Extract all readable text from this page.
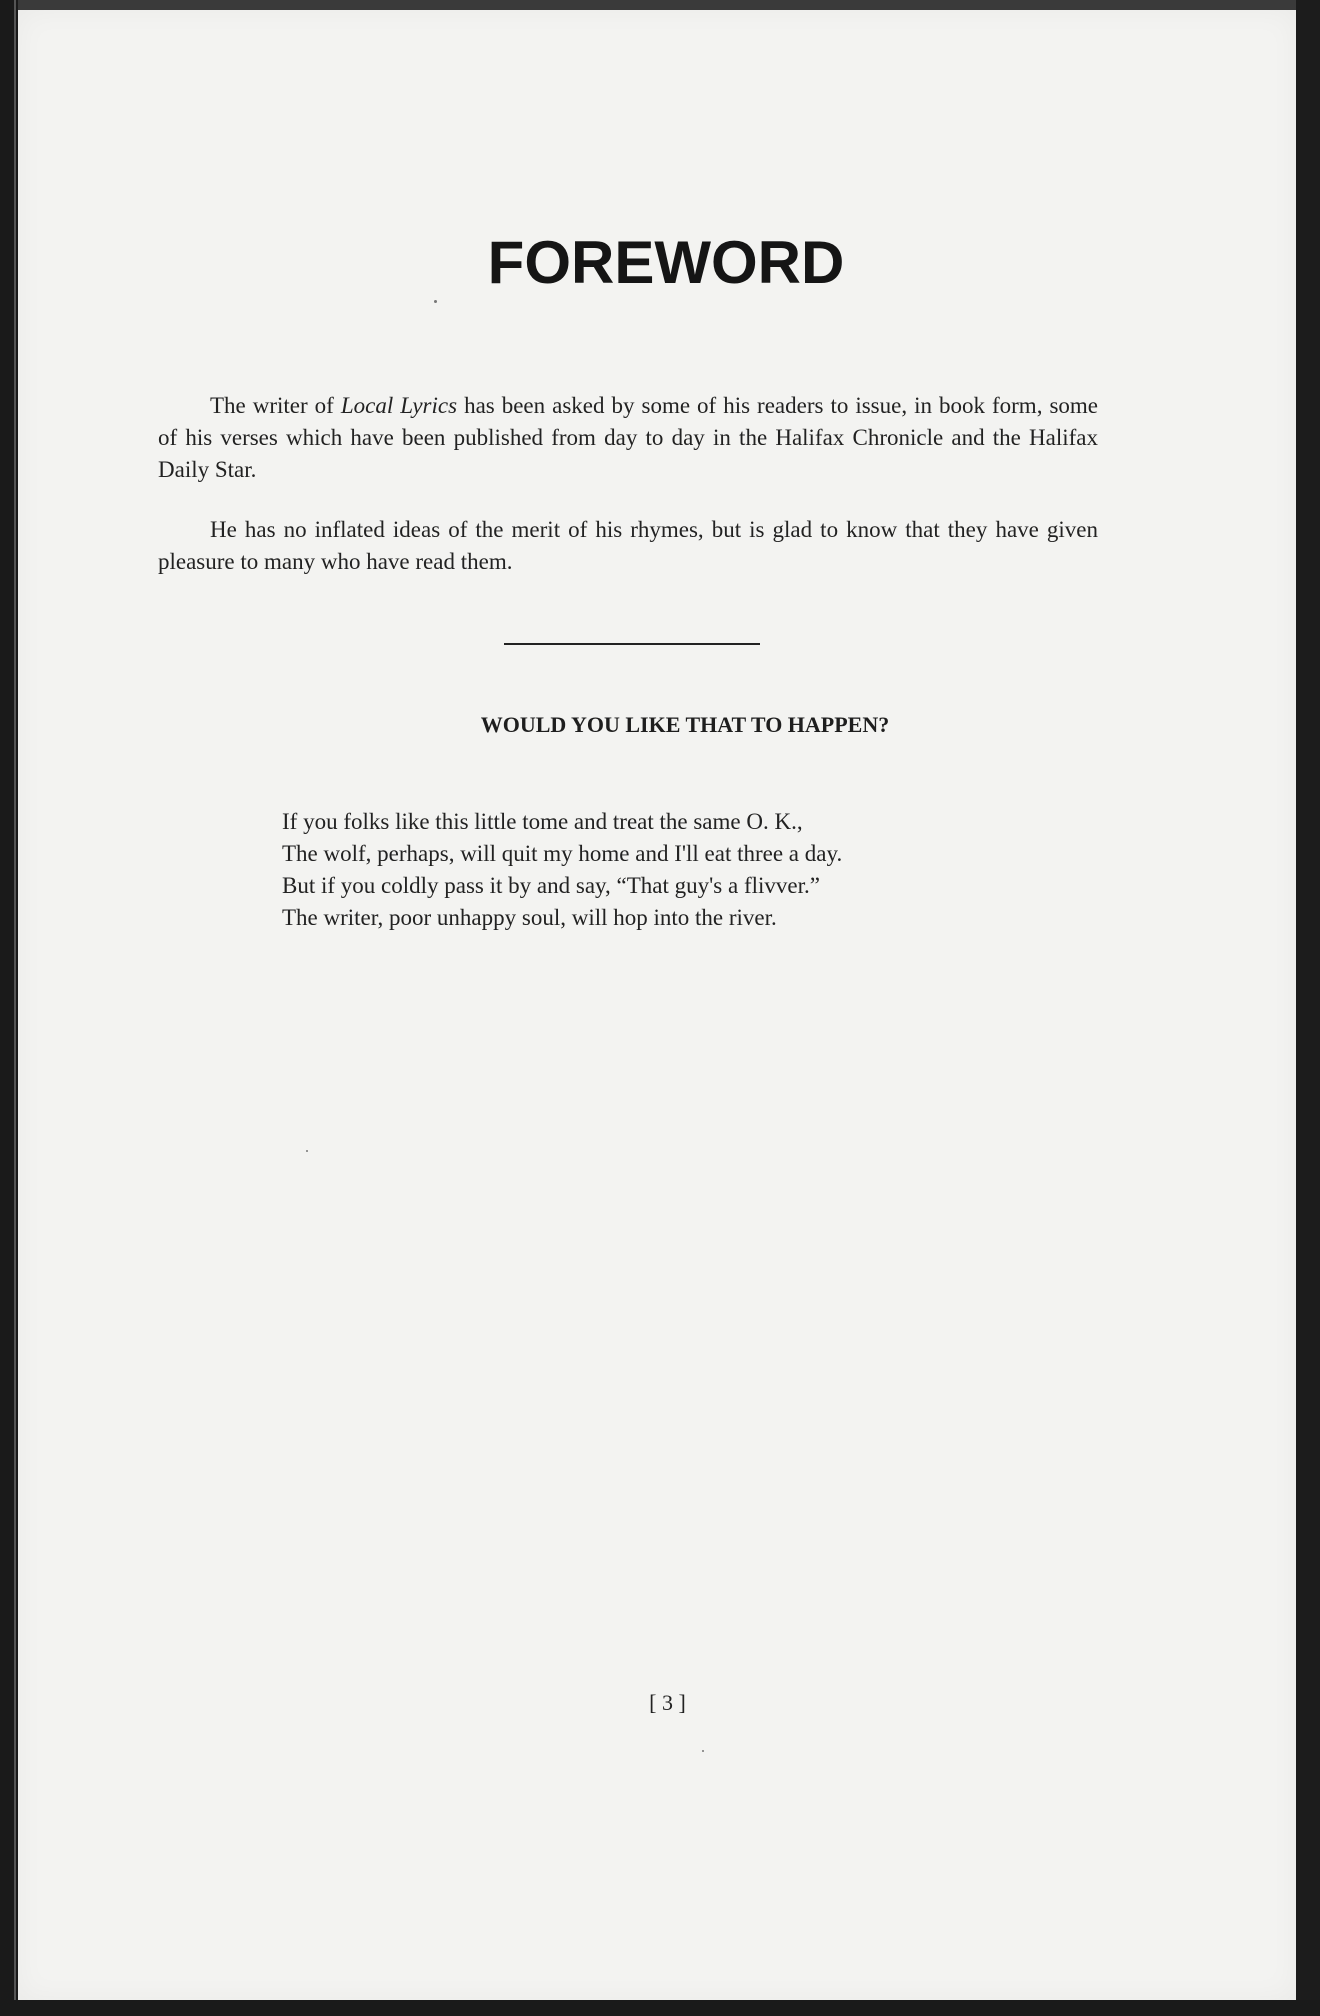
FOREWORD

The writer of Local Lyrics has been asked by some of his readers to issue, in book form, some of his verses which have been published from day to day in the Halifax Chronicle and the Halifax Daily Star.

He has no inflated ideas of the merit of his rhymes, but is glad to know that they have given pleasure to many who have read them.

WOULD YOU LIKE THAT TO HAPPEN?
If you folks like this little tome and treat the same O. K.,
The wolf, perhaps, will quit my home and I'll eat three a day.
But if you coldly pass it by and say, “That guy's a flivver.”
The writer, poor unhappy soul, will hop into the river.
[ 3 ]
